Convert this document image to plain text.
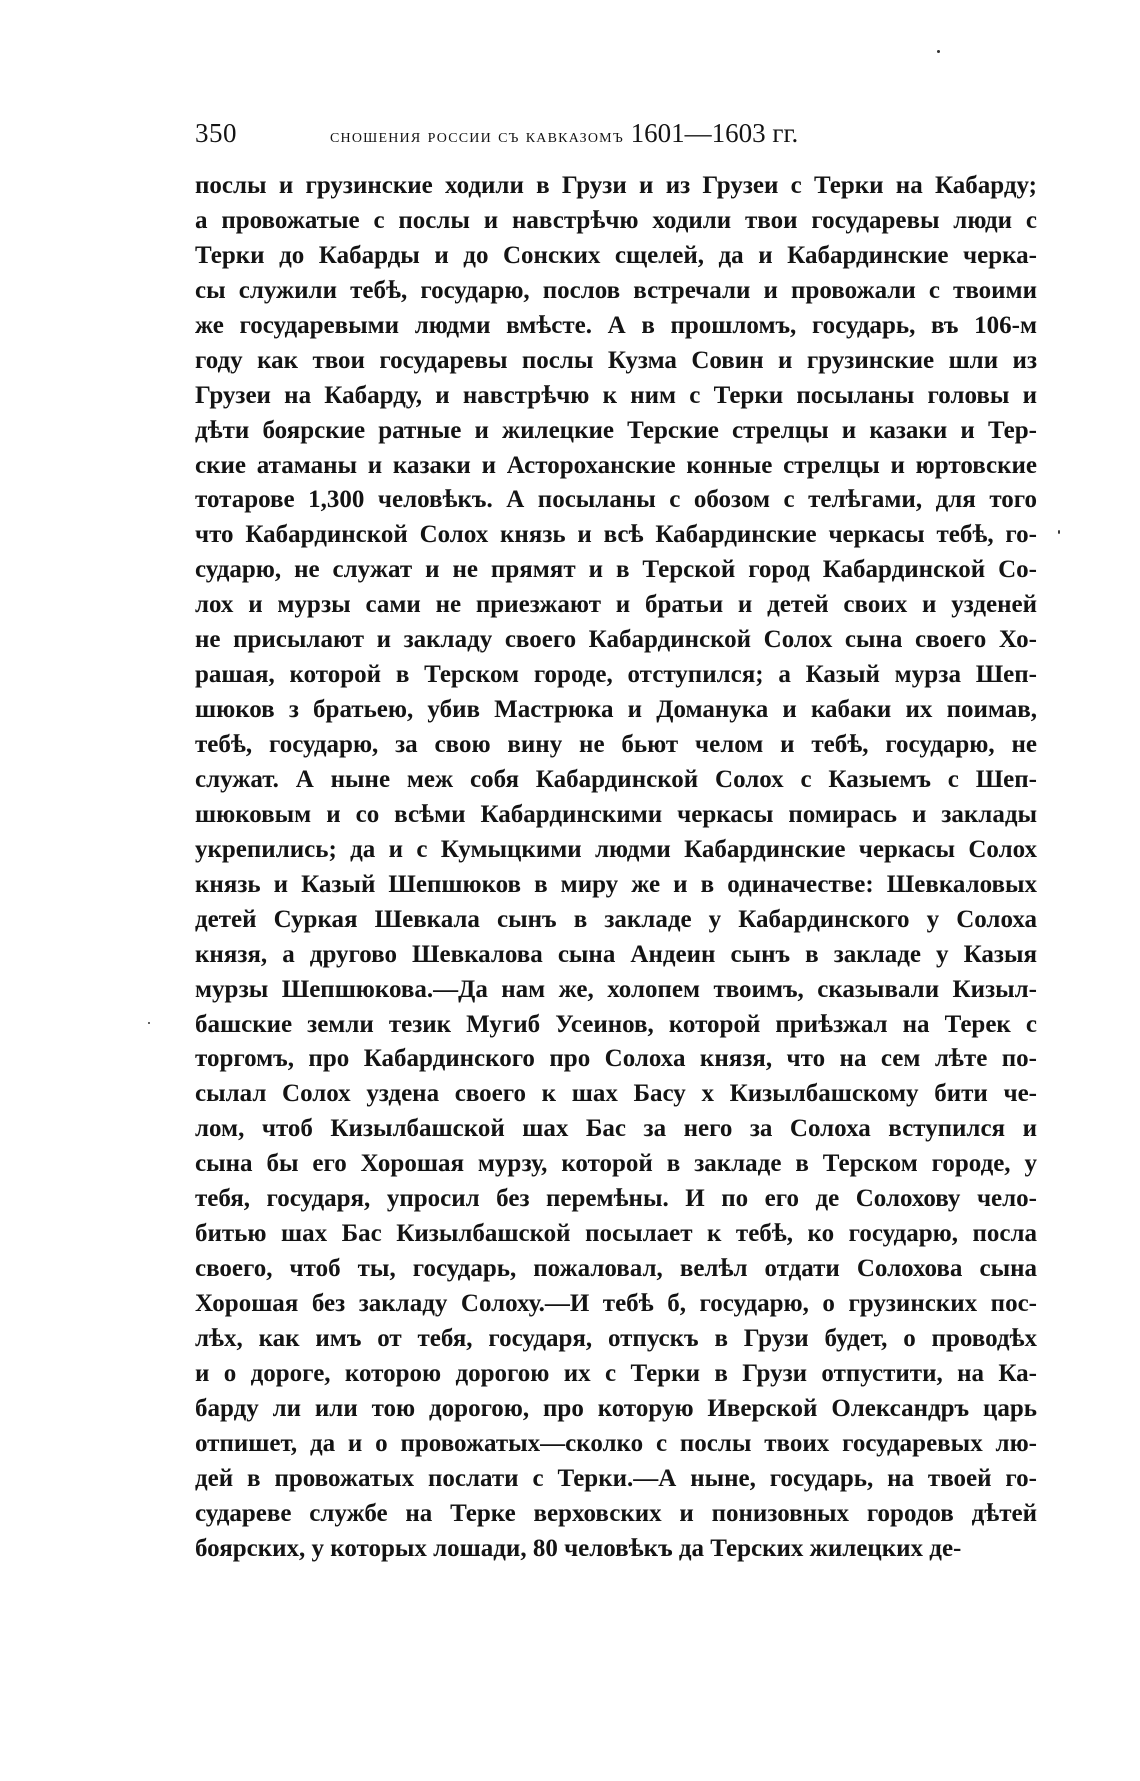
350	сношения россии съ кавказомъ 1601—1603 гг.
послы и грузинские ходили в Грузи и из Грузеи с Терки на Кабарду;
а провожатые с послы и навстрѣчю ходили твои государевы люди с
Терки до Кабарды и до Сонских сщелей, да и Кабардинские черка-
сы служили тебѣ, государю, послов встречали и провожали с твоими
же государевыми людми вмѣсте. А в прошломъ, государь, въ 106-м
году как твои государевы послы Кузма Совин и грузинские шли из
Грузеи на Кабарду, и навстрѣчю к ним с Терки посыланы головы и
дѣти боярские ратные и жилецкие Терские стрелцы и казаки и Тер-
ские атаманы и казаки и Астороханские конные стрелцы и юртовские
тотарове 1,300 человѣкъ. А посыланы с обозом с телѣгами, для того
что Кабардинской Солох князь и всѣ Кабардинские черкасы тебѣ, го-
сударю, не служат и не прямят и в Терской город Кабардинской Со-
лох и мурзы сами не приезжают и братьи и детей своих и узденей
не присылают и закладу своего Кабардинской Солох сына своего Хо-
рашая, которой в Терском городе, отступился; а Казый мурза Шеп-
шюков з братьею, убив Мастрюка и Доманука и кабаки их поимав,
тебѣ, государю, за свою вину не бьют челом и тебѣ, государю, не
служат. А ныне меж собя Кабардинской Солох с Казыемъ с Шеп-
шюковым и со всѣми Кабардинскими черкасы помирась и заклады
укрепились; да и с Кумыцкими людми Кабардинские черкасы Солох
князь и Казый Шепшюков в миру же и в одиначестве: Шевкаловых
детей Суркая Шевкала сынъ в закладе у Кабардинского у Солоха
князя, а другово Шевкалова сына Андеин сынъ в закладе у Казыя
мурзы Шепшюкова.—Да нам же, холопем твоимъ, сказывали Кизыл-
башские земли тезик Мугиб Усеинов, которой приѣзжал на Терек с
торгомъ, про Кабардинского про Солоха князя, что на сем лѣте по-
сылал Солох уздена своего к шах Басу х Кизылбашскому бити че-
лом, чтоб Кизылбашской шах Бас за него за Солоха вступился и
сына бы его Хорошая мурзу, которой в закладе в Терском городе, у
тебя, государя, упросил без перемѣны. И по его де Солохову чело-
битью шах Бас Кизылбашской посылает к тебѣ, ко государю, посла
своего, чтоб ты, государь, пожаловал, велѣл отдати Солохова сына
Хорошая без закладу Солоху.—И тебѣ б, государю, о грузинских пос-
лѣх, как имъ от тебя, государя, отпускъ в Грузи будет, о проводѣх
и о дороге, которою дорогою их с Терки в Грузи отпустити, на Ка-
барду ли или тою дорогою, про которую Иверской Олександръ царь
отпишет, да и о провожатых—сколко с послы твоих государевых лю-
дей в провожатых послати с Терки.—А ныне, государь, на твоей го-
судареве службе на Терке верховских и понизовных городов дѣтей
боярских, у которых лошади, 80 человѣкъ да Терских жилецких де-
